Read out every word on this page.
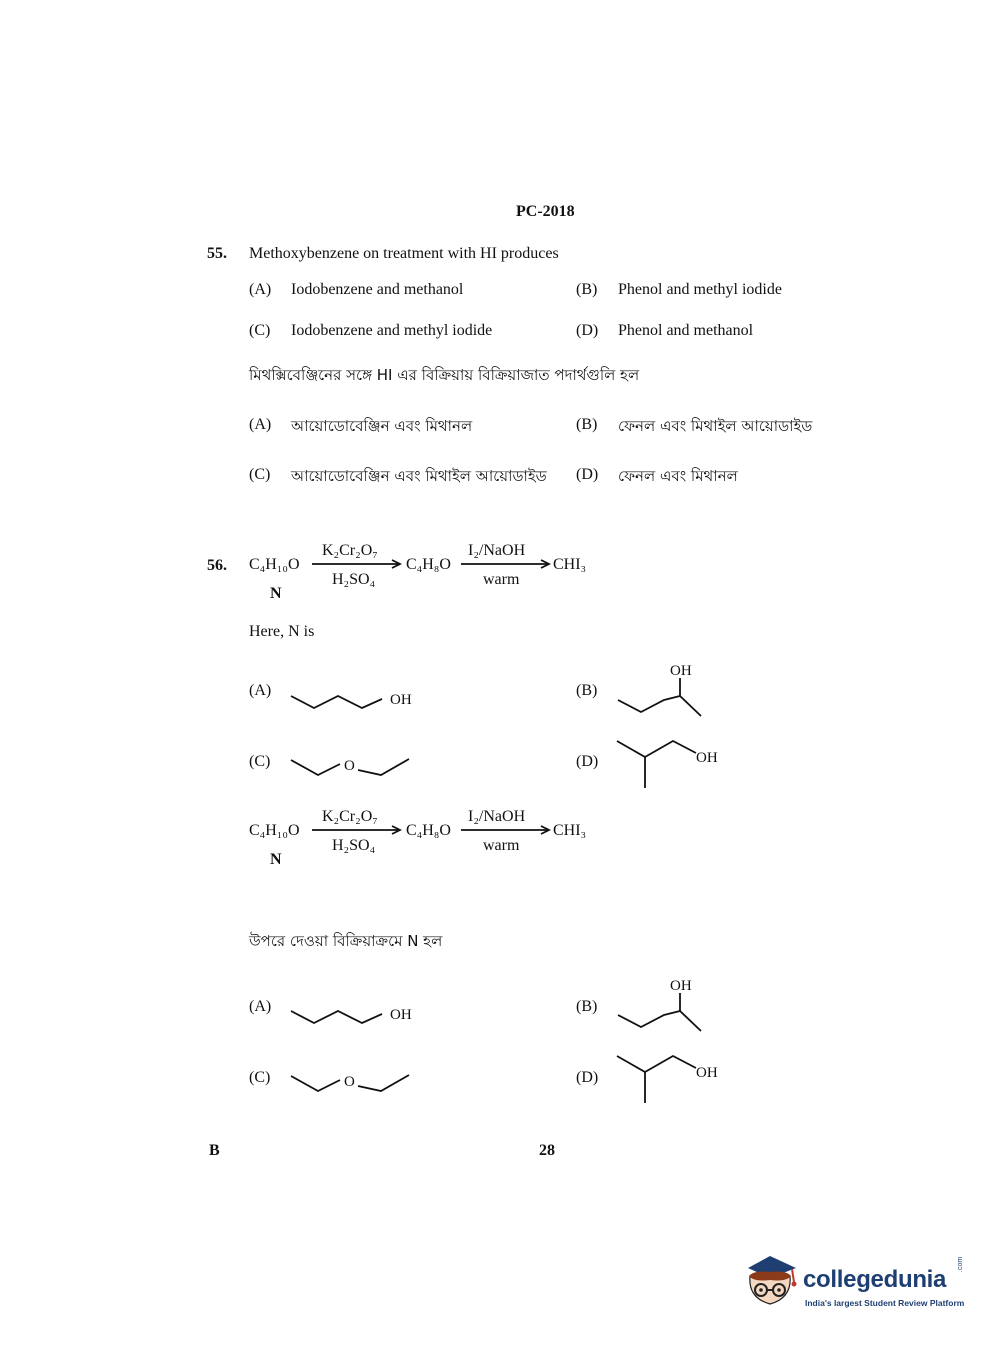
PC-2018
55. Methoxybenzene on treatment with HI produces
(A) Iodobenzene and methanol	(B) Phenol and methyl iodide
(C) Iodobenzene and methyl iodide	(D) Phenol and methanol
মিথক্সিবেঞ্জিনের সঙ্গে HI এর বিক্রিয়ায় বিক্রিয়াজাত পদার্থগুলি হল
(A) আয়োডোবেঞ্জিন এবং মিথানল	(B) ফেনল এবং মিথাইল আয়োডাইড
(C) আয়োডোবেঞ্জিন এবং মিথাইল আয়োডাইড (D) ফেনল এবং মিথানল
56. C₄H₁₀O
N
K₂Cr₂O₇
H₂SO₄
C₄H₈O
I₂/NaOH
warm
CHI₃
Here, N is
(A)
OH
(B)
OH
(C)	O	(D)	OH
C₄H₁₀O
N
K₂Cr₂O₇
H₂SO₄
C₄H₈O
I₂/NaOH
warm
CHI₃
উপরে দেওয়া বিক্রিয়াক্রমে N হল
(A)	OH	(B)
OH
(C)	O	(D)	OH
B	28
collegedunia
.com
India's largest Student Review Platform
